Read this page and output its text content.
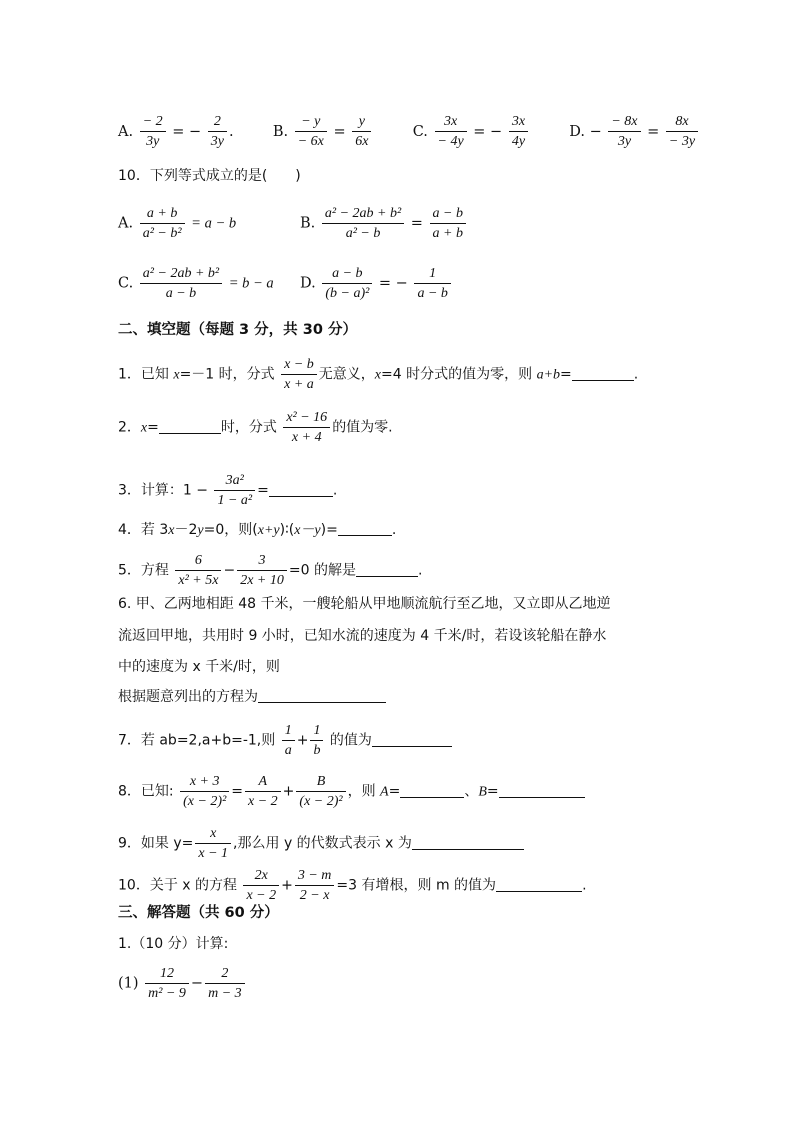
A. $\frac{- 2}{3y}$ = − $\frac{2}{3y}$ .	B. $\frac{- y}{- 6x} = \frac{y}{6x}$	C. $\frac{3x}{- 4y}$ = − $\frac{3x}{4y}$	D. − $\frac{- 8x}{3y} = \frac{8x}{- 3y}$
10．下列等式成立的是(　　)
A. $\frac{a + b}{\text{a² − b²}} = a - b$	B. $\frac{\text{a² − 2ab + b²}}{\text{a² − b}} = \frac{a - b}{a + b}$
C. $\frac{\text{a² − 2ab + b²}}{a - b} = b - a$ D. $\frac{a - b}{\text{(b − a)²}}$ = − $\frac{1}{a - b}$
二、填空题（每题 3 分，共 30 分）
1．已知 x=－1 时，分式 $\frac{x - b}{x + a}$ 无意义，x=4 时分式的值为零，则 a+b=	.
2．x=	时，分式 $\frac{\text{x² − 16}}{x + 4}$ 的值为零.
3．计算：$1 - \frac{\text{3a²}}{\text{1 − a²}}$ =	.
4．若 3x－2y=0，则(x+y)∶(x－y)=	.
5．方程 $\frac{6}{\text{x² + 5x}} - \frac{3}{2x + 10} =0$ 的解是	.
6. 甲、乙两地相距 48 千米，一艘轮船从甲地顺流航行至乙地，又立即从乙地逆
流返回甲地，共用时 9 小时，已知水流的速度为 4 千米/时，若设该轮船在静水
中的速度为 x 千米/时，则
根据题意列出的方程为
7．若 ab=2,a+b=-1,则 $\frac{1}{a} + \frac{1}{b}$ 的值为
8．已知: $\frac{x + 3}{\text{(x − 2)²}} = \frac{A}{x - 2} + \frac{B}{\text{(x − 2)²}}$ ，则 A=	、B=
9．如果 $y= \frac{x}{x - 1}$ ,那么用 y 的代数式表示 x 为
10．关于 x 的方程 $\frac{2x}{x - 2} + \frac{3 - m}{2 - x} =3$ 有增根，则 m 的值为	.
三、解答题（共 60 分）
1.（10 分）计算:
$(1) \frac{12}{\text{m² − 9}} - \frac{2}{m - 3}$
